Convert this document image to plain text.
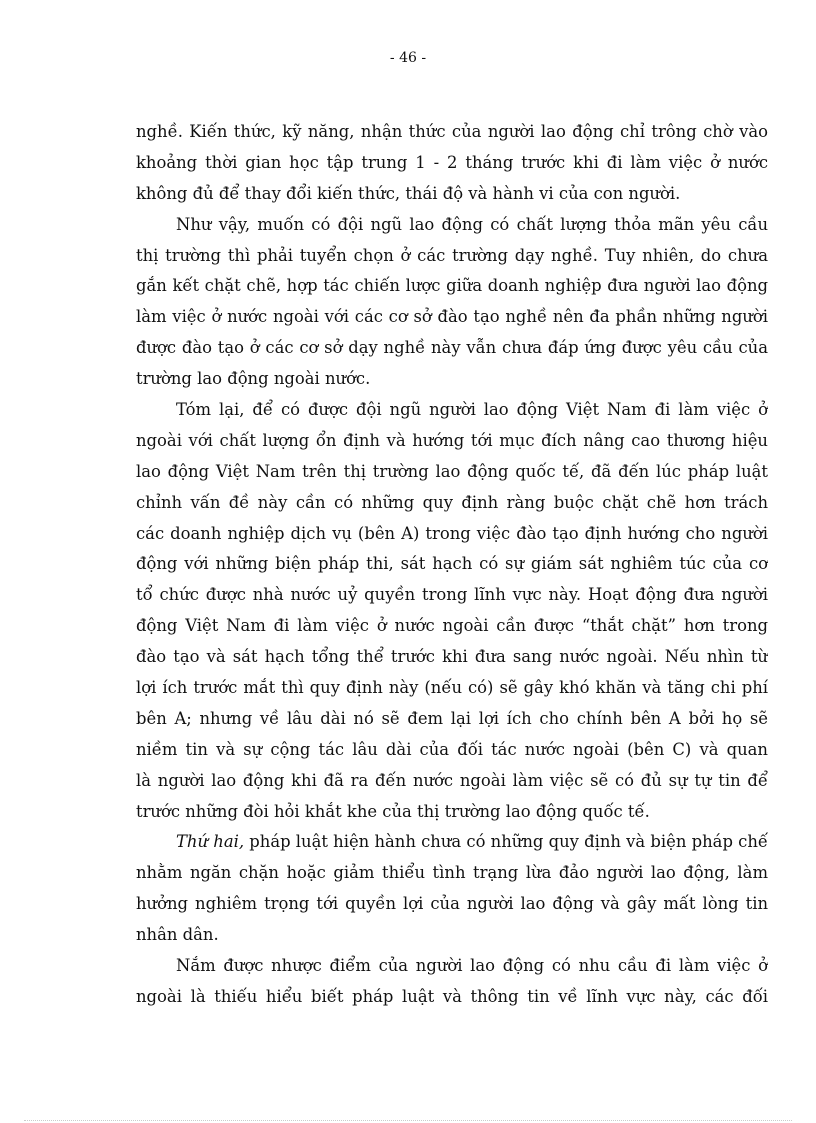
- 46 -
nghề. Kiến thức, kỹ năng, nhận thức của người lao động chỉ trông chờ vào
khoảng thời gian học tập trung 1 - 2 tháng trước khi đi làm việc ở nước
không đủ để thay đổi kiến thức, thái độ và hành vi của con người.
Như vậy, muốn có đội ngũ lao động có chất lượng thỏa mãn yêu cầu
thị trường thì phải tuyển chọn ở các trường dạy nghề. Tuy nhiên, do chưa
gắn kết chặt chẽ, hợp tác chiến lược giữa doanh nghiệp đưa người lao động
làm việc ở nước ngoài với các cơ sở đào tạo nghề nên đa phần những người
được đào tạo ở các cơ sở dạy nghề này vẫn chưa đáp ứng được yêu cầu của
trường lao động ngoài nước.
Tóm lại, để có được đội ngũ người lao động Việt Nam đi làm việc ở
ngoài với chất lượng ổn định và hướng tới mục đích nâng cao thương hiệu
lao động Việt Nam trên thị trường lao động quốc tế, đã đến lúc pháp luật
chỉnh vấn đề này cần có những quy định ràng buộc chặt chẽ hơn trách
các doanh nghiệp dịch vụ (bên A) trong việc đào tạo định hướng cho người
động với những biện pháp thi, sát hạch có sự giám sát nghiêm túc của cơ
tổ chức được nhà nước uỷ quyền trong lĩnh vực này. Hoạt động đưa người
động Việt Nam đi làm việc ở nước ngoài cần được “thắt chặt” hơn trong
đào tạo và sát hạch tổng thể trước khi đưa sang nước ngoài. Nếu nhìn từ
lợi ích trước mắt thì quy định này (nếu có) sẽ gây khó khăn và tăng chi phí
bên A; nhưng về lâu dài nó sẽ đem lại lợi ích cho chính bên A bởi họ sẽ
niềm tin và sự cộng tác lâu dài của đối tác nước ngoài (bên C) và quan
là người lao động khi đã ra đến nước ngoài làm việc sẽ có đủ sự tự tin để
trước những đòi hỏi khắt khe của thị trường lao động quốc tế.
Thứ hai, pháp luật hiện hành chưa có những quy định và biện pháp chế
nhằm ngăn chặn hoặc giảm thiểu tình trạng lừa đảo người lao động, làm
hưởng nghiêm trọng tới quyền lợi của người lao động và gây mất lòng tin
nhân dân.
Nắm được nhược điểm của người lao động có nhu cầu đi làm việc ở
ngoài là thiếu hiểu biết pháp luật và thông tin về lĩnh vực này, các đối
